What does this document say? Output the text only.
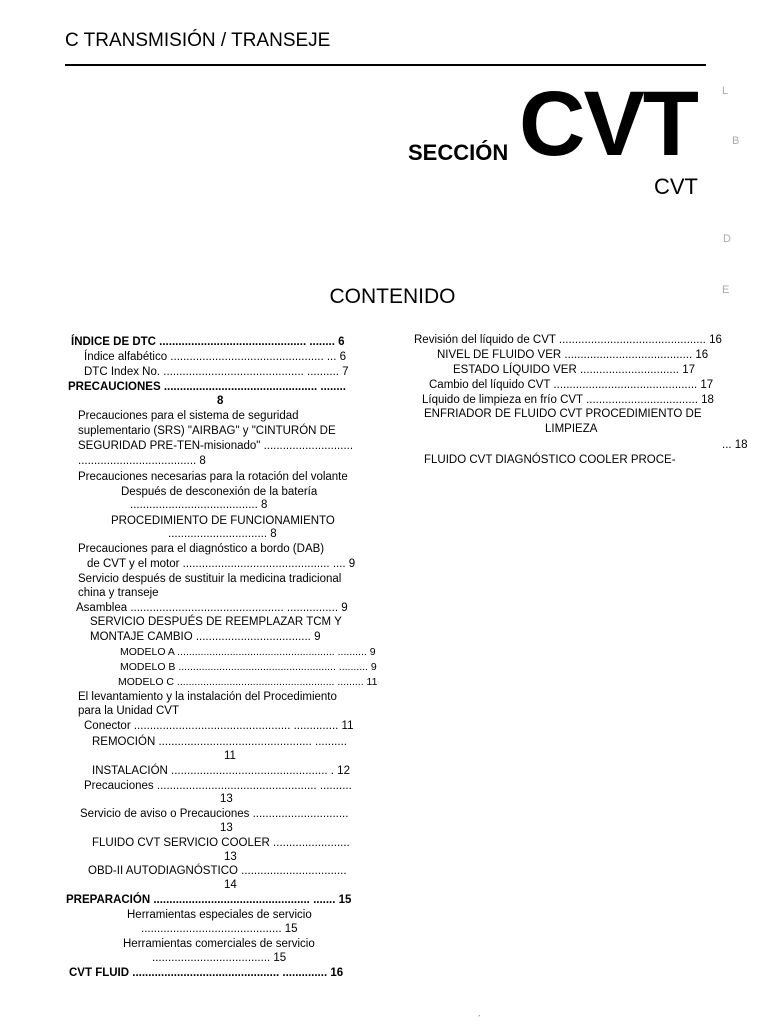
C TRANSMISIÓN / TRANSEJE
L
B
D
E
SECCIÓN CVT
CVT
CONTENIDO
ÍNDICE DE DTC .............................................. ........ 6
Índice alfabético ................................................ ... 6
DTC Index No. ............................................ .......... 7
PRECAUCIONES ................................................ ........
8
Precauciones para el sistema de seguridad
suplementario (SRS) "AIRBAG" y "CINTURÓN DE
SEGURIDAD PRE-TEN-misionado" ............................
..................................... 8
Precauciones necesarias para la rotación del volante
Después de desconexión de la batería
........................................ 8
PROCEDIMIENTO DE FUNCIONAMIENTO
............................... 8
Precauciones para el diagnóstico a bordo (DAB)
de CVT y el motor .............................................. .... 9
Servicio después de sustituir la medicina tradicional
china y transeje
Asamblea ................................................ ................ 9
SERVICIO DESPUÉS DE REEMPLAZAR TCM Y
MONTAJE CAMBIO .................................... 9
MODELO A ...................................................... .......... 9
MODELO B ...................................................... .......... 9
MODELO C ...................................................... ......... 11
El levantamiento y la instalación del Procedimiento
para la Unidad CVT
Conector ................................................. .............. 11
REMOCIÓN ................................................ ..........
11
INSTALACIÓN ................................................. . 12
Precauciones .................................................. ..........
13
Servicio de aviso o Precauciones ..............................
13
FLUIDO CVT SERVICIO COOLER ........................
13
OBD-II AUTODIAGNÓSTICO .................................
14
PREPARACIÓN ................................................. ....... 15
Herramientas especiales de servicio
............................................ 15
Herramientas comerciales de servicio
..................................... 15
CVT FLUID .............................................. .............. 16
Revisión del líquido de CVT .............................................. 16
NIVEL DE FLUIDO VER ........................................ 16
ESTADO LÍQUIDO VER ............................... 17
Cambio del líquido CVT ............................................. 17
Líquido de limpieza en frío CVT ................................... 18
ENFRIADOR DE FLUIDO CVT PROCEDIMIENTO DE
LIMPIEZA
... 18
FLUIDO CVT DIAGNÓSTICO COOLER PROCE-
